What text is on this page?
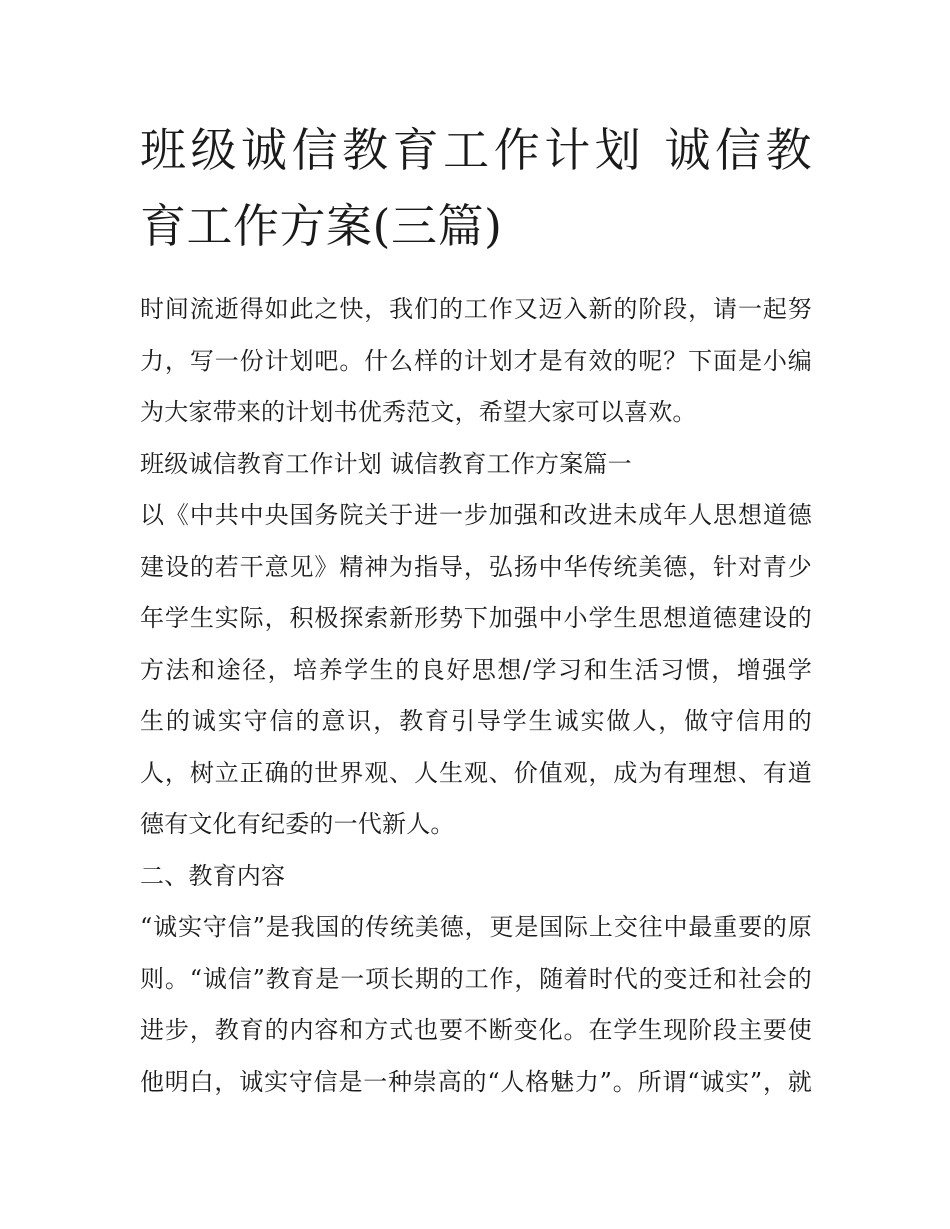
班级诚信教育工作计划 诚信教
育工作方案(三篇)

时间流逝得如此之快，我们的工作又迈入新的阶段，请一起努
力，写一份计划吧。什么样的计划才是有效的呢？下面是小编
为大家带来的计划书优秀范文，希望大家可以喜欢。

班级诚信教育工作计划 诚信教育工作方案篇一

以《中共中央国务院关于进一步加强和改进未成年人思想道德
建设的若干意见》精神为指导，弘扬中华传统美德，针对青少
年学生实际，积极探索新形势下加强中小学生思想道德建设的
方法和途径，培养学生的良好思想/学习和生活习惯，增强学
生的诚实守信的意识，教育引导学生诚实做人，做守信用的
人，树立正确的世界观、人生观、价值观，成为有理想、有道
德有文化有纪委的一代新人。

二、教育内容

“诚实守信”是我国的传统美德，更是国际上交往中最重要的原
则。“诚信”教育是一项长期的工作，随着时代的变迁和社会的
进步，教育的内容和方式也要不断变化。在学生现阶段主要使
他明白，诚实守信是一种崇高的“人格魅力”。所谓“诚实”，就
